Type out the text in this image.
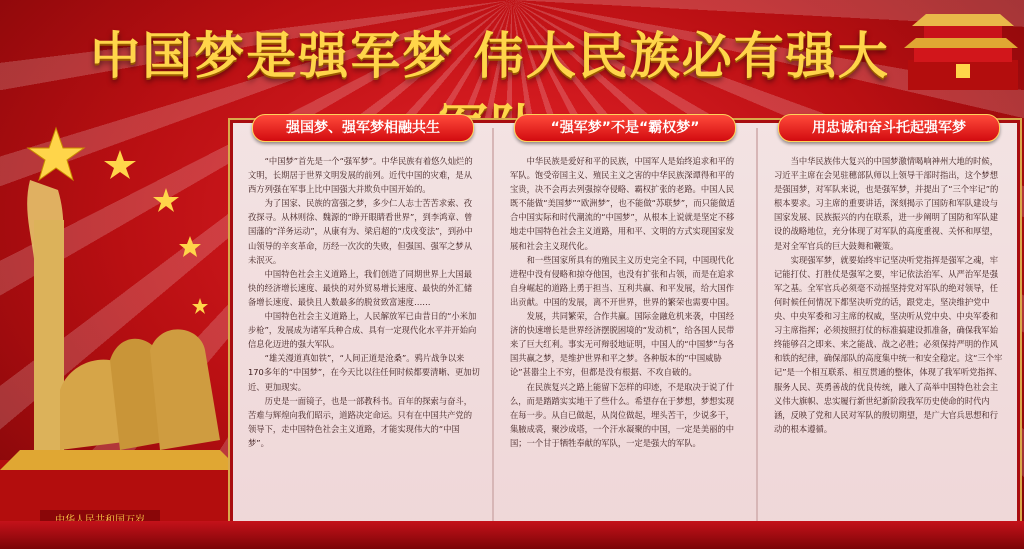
中国梦是强军梦 伟大民族必有强大
强国梦、强军梦相融共生

“中国梦”首先是一个“强军梦”。中华民族有着悠久灿烂的文明，长期居于世界文明发展的前列。近代中国的灾难，是从西方列强在军事上比中国强大并欺负中国开始的。

为了国家、民族的富强之梦，多少仁人志士苦苦求索、孜孜探寻。从林则徐、魏源的“睁开眼睛看世界”，到李鸿章、曾国藩的“洋务运动”，从康有为、梁启超的“戊戌变法”，到孙中山领导的辛亥革命，历经一次次的失败，但强国、强军之梦从未泯灭。

中国特色社会主义道路上，我们创造了同期世界上大国最快的经济增长速度、最快的对外贸易增长速度、最快的外汇储备增长速度、最快且人数最多的脱贫致富速度……

中国特色社会主义道路上，人民解放军已由昔日的“小米加步枪”，发展成为诸军兵种合成、具有一定现代化水平并开始向信息化迈进的强大军队。

“雄关漫道真如铁”，“人间正道是沧桑”。鸦片战争以来170多年的“中国梦”，在今天比以往任何时候都要清晰、更加切近、更加现实。

历史是一面镜子，也是一部教科书。百年的探索与奋斗，苦难与辉煌向我们昭示，道路决定命运。只有在中国共产党的领导下，走中国特色社会主义道路，才能实现伟大的“中国梦”。

“强军梦”不是“霸权梦”

中华民族是爱好和平的民族，中国军人是始终追求和平的军队。饱受帝国主义、殖民主义之害的中华民族深谭得和平的宝贵，决不会再去列强掠夺侵略、霸权扩张的老路。中国人民既不能做“美国梦”“欧洲梦”，也不能做“苏联梦”，而只能做适合中国实际和时代潮流的“中国梦”，从根本上说就是坚定不移地走中国特色社会主义道路，用和平、文明的方式实现国家发展和社会主义现代化。

和一些国家所具有的殖民主义历史完全不同，中国现代化进程中没有侵略和掠夺他国，也没有扩张和占领，而是在追求自身崛起的道路上勇于担当、互利共赢、和平发展，给大国作出贡献。中国的发展，离不开世界，世界的繁荣也需要中国。

发展，共同繁荣，合作共赢。国际金融危机来袭，中国经济的快速增长是世界经济摆脱困境的“发动机”，给各国人民带来了巨大红利。事实无可辩驳地证明，中国人的“中国梦”与各国共赢之梦，是维护世界和平之梦。各种版本的“中国威胁论”甚嚣尘上不穷，但都是没有根据、不攻自破的。

在民族复兴之路上能留下怎样的印迹，不是取决于说了什么，而是踏踏实实地干了些什么。希望存在于梦想，梦想实现在每一步。从自已做起，从岗位做起，埋头苦干，少说多干，集腋成裘，聚沙成塔，一个汗水凝聚的中国，一定是美丽的中国；一个甘于牺牲奉献的军队，一定是强大的军队。

用忠诚和奋斗托起强军梦

当中华民族伟大复兴的中国梦激情喝响神州大地的时候，习近平主席在会见驻穗部队师以上领导干部时指出，这个梦想是强国梦，对军队来说，也是强军梦，并提出了“三个牢记”的根本要求。习主席的重要讲话，深刻揭示了国防和军队建设与国家发展、民族振兴的内在联系，进一步阐明了国防和军队建设的战略地位，充分体现了对军队的高度重视、关怀和厚望，是对全军官兵的巨大鼓舞和鞭策。

实现强军梦，就要始终牢记坚决听党指挥是强军之魂，牢记能打仗、打胜仗是强军之要，牢记依法治军、从严治军是强军之基。全军官兵必须毫不动摇坚持党对军队的绝对领导，任何时候任何情况下都坚决听党的话，跟党走，坚决维护党中央、中央军委和习主席的权威，坚决听从党中央、中央军委和习主席指挥；必须按照打仗的标准搞建设抓准备，确保我军始终能够召之即来、来之能战、战之必胜；必须保持严明的作风和铁的纪律，确保部队的高度集中统一和安全稳定。这“三个牢记”是一个相互联系、相互贯通的整体，体现了我军听党指挥、服务人民、英勇善战的优良传统，融入了高举中国特色社会主义伟大旗帜、忠实履行新世纪新阶段我军历史使命的时代内涵，反映了党和人民对军队的殷切期望，是广大官兵思想和行动的根本遵循。
